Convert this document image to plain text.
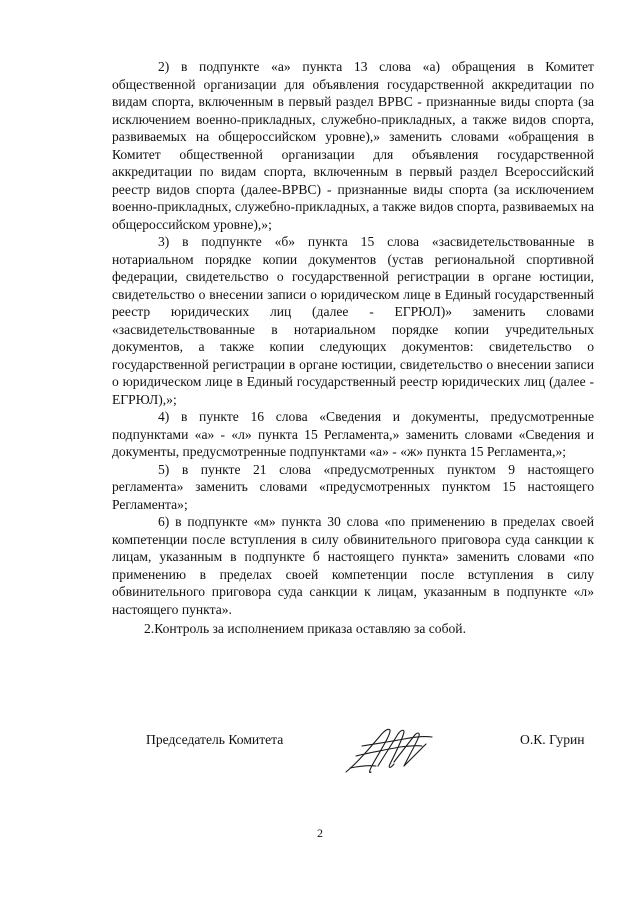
2) в подпункте «а» пункта 13 слова «а) обращения в Комитет общественной организации для объявления государственной аккредитации по видам спорта, включенным в первый раздел ВРВС - признанные виды спорта (за исключением военно-прикладных, служебно-прикладных, а также видов спорта, развиваемых на общероссийском уровне),» заменить словами «обращения в Комитет общественной организации для объявления государственной аккредитации по видам спорта, включенным в первый раздел Всероссийский реестр видов спорта (далее-ВРВС) - признанные виды спорта (за исключением военно-прикладных, служебно-прикладных, а также видов спорта, развиваемых на общероссийском уровне),»;

3) в подпункте «б» пункта 15 слова «засвидетельствованные в нотариальном порядке копии документов (устав региональной спортивной федерации, свидетельство о государственной регистрации в органе юстиции, свидетельство о внесении записи о юридическом лице в Единый государственный реестр юридических лиц (далее - ЕГРЮЛ)» заменить словами «засвидетельствованные в нотариальном порядке копии учредительных документов, а также копии следующих документов: свидетельство о государственной регистрации в органе юстиции, свидетельство о внесении записи о юридическом лице в Единый государственный реестр юридических лиц (далее - ЕГРЮЛ),»;

4) в пункте 16 слова «Сведения и документы, предусмотренные подпунктами «а» - «л» пункта 15 Регламента,» заменить словами «Сведения и документы, предусмотренные подпунктами «а» - «ж» пункта 15 Регламента,»;

5) в пункте 21 слова «предусмотренных пунктом 9 настоящего регламента» заменить словами «предусмотренных пунктом 15 настоящего Регламента»;

6) в подпункте «м» пункта 30 слова «по применению в пределах своей компетенции после вступления в силу обвинительного приговора суда санкции к лицам, указанным в подпункте б настоящего пункта» заменить словами «по применению в пределах своей компетенции после вступления в силу обвинительного приговора суда санкции к лицам, указанным в подпункте «л» настоящего пункта».

2.Контроль за исполнением приказа оставляю за собой.

Председатель Комитета	О.К. Гурин
2
